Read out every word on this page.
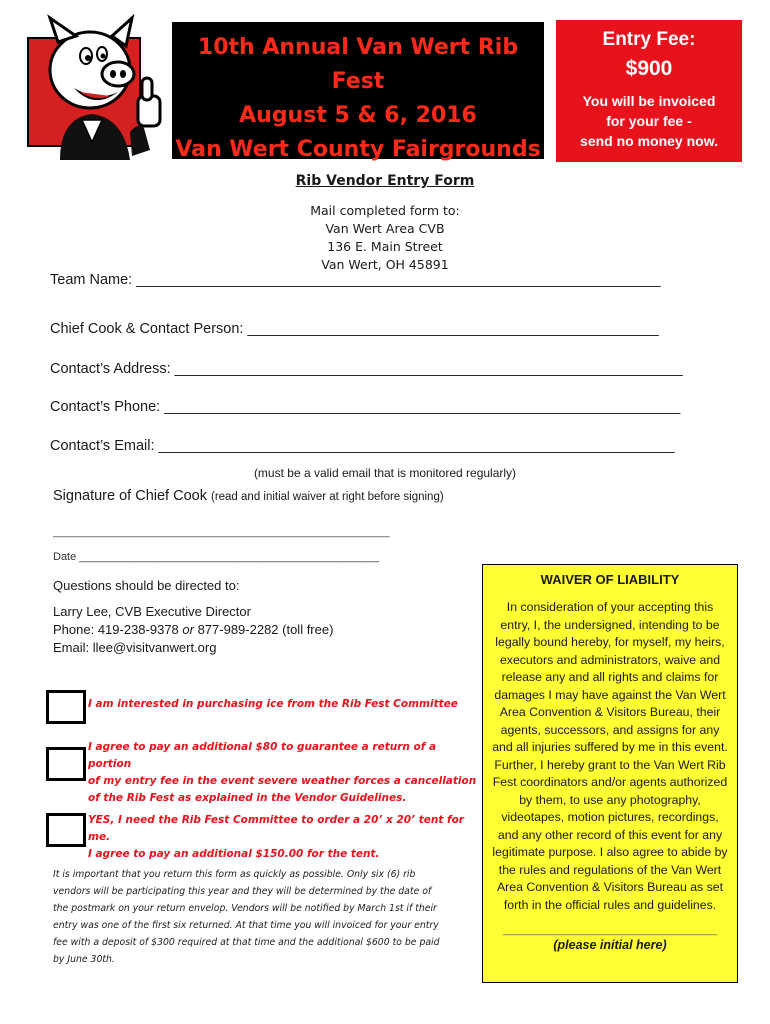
10th Annual Van Wert Rib Fest
August 5 & 6, 2016
Van Wert County Fairgrounds
Entry Fee:
$900
You will be invoiced
for your fee -
send no money now.
Rib Vendor Entry Form
Mail completed form to:
Van Wert Area CVB
136 E. Main Street
Van Wert, OH 45891
Team Name: _________________________________________________________________
Chief Cook & Contact Person: ___________________________________________________
Contact’s Address: _______________________________________________________________
Contact’s Phone: ________________________________________________________________
Contact’s Email: ________________________________________________________________
(must be a valid email that is monitored regularly)
Signature of Chief Cook (read and initial waiver at right before signing)
_______________________________________________________
Date _________________________________________________
Questions should be directed to:
Larry Lee, CVB Executive Director
Phone: 419-238-9378 or 877-989-2282 (toll free)
Email: llee@visitvanwert.org
I am interested in purchasing ice from the Rib Fest Committee
I agree to pay an additional $80 to guarantee a return of a portion
of my entry fee in the event severe weather forces a cancellation
of the Rib Fest as explained in the Vendor Guidelines.
YES, I need the Rib Fest Committee to order a 20’ x 20’ tent for me.
I agree to pay an additional $150.00 for the tent.
It is important that you return this form as quickly as possible. Only six (6) rib
vendors will be participating this year and they will be determined by the date of
the postmark on your return envelop. Vendors will be notified by March 1st if their
entry was one of the first six returned. At that time you will invoiced for your entry
fee with a deposit of $300 required at that time and the additional $600 to be paid
by June 30th.
WAIVER OF LIABILITY
In consideration of your accepting this
entry, I, the undersigned, intending to be
legally bound hereby, for myself, my heirs,
executors and administrators, waive and
release any and all rights and claims for
damages I may have against the Van Wert
Area Convention & Visitors Bureau, their
agents, successors, and assigns for any
and all injuries suffered by me in this event.
Further, I hereby grant to the Van Wert Rib
Fest coordinators and/or agents authorized
by them, to use any photography,
videotapes, motion pictures, recordings,
and any other record of this event for any
legitimate purpose. I also agree to abide by
the rules and regulations of the Van Wert
Area Convention & Visitors Bureau as set
forth in the official rules and guidelines.
___________________________________
(please initial here)
